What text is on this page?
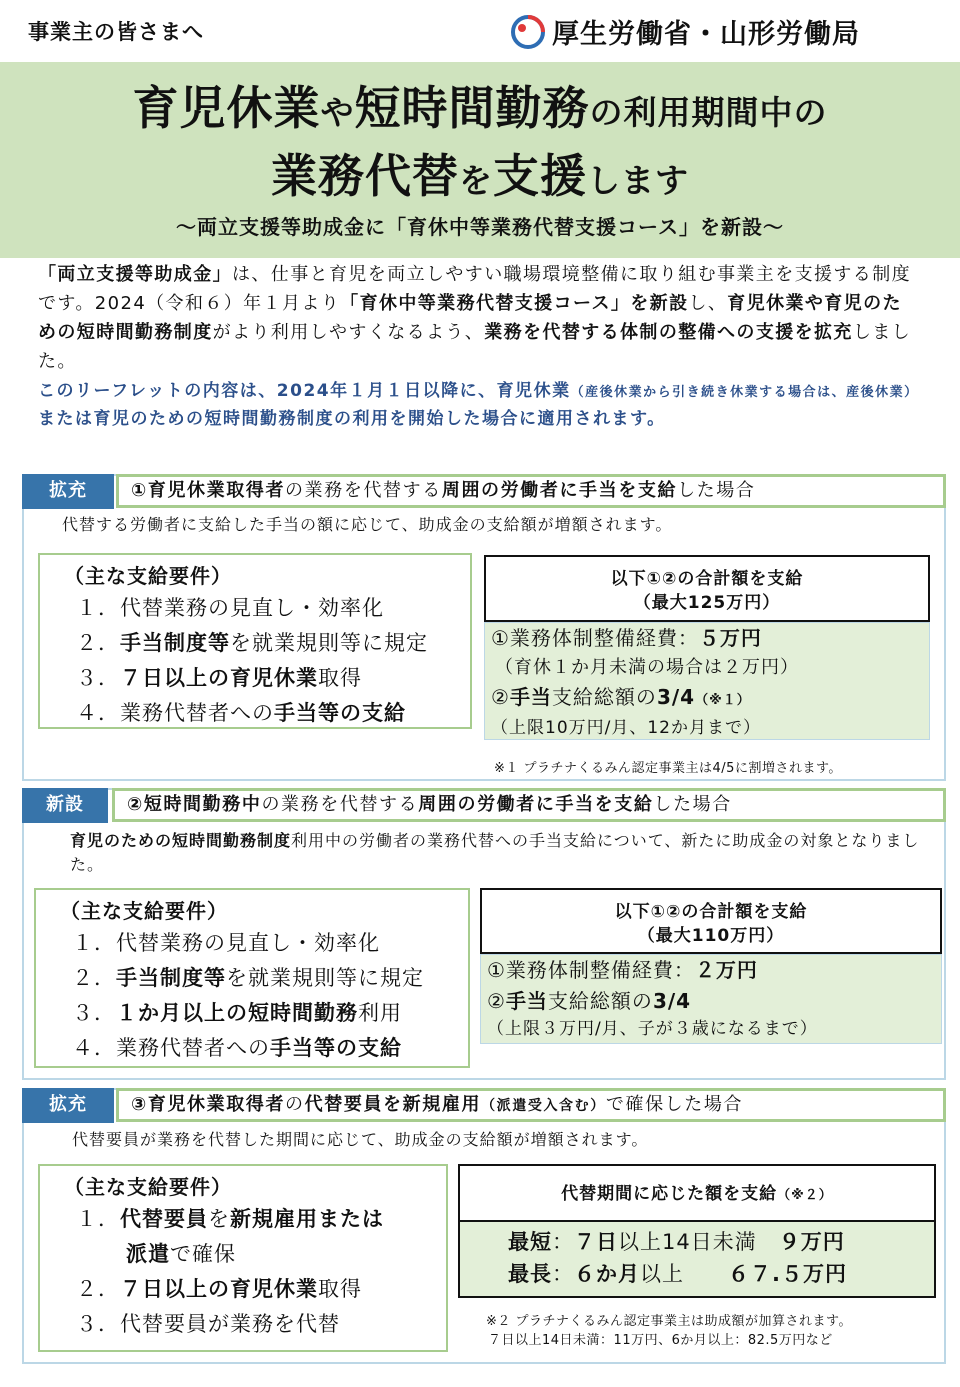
事業主の皆さまへ	厚生労働省・山形労働局
育児休業や短時間勤務の利用期間中の
業務代替を支援します
～両立支援等助成金に「育休中等業務代替支援コース」を新設～
「両立支援等助成金」は、仕事と育児を両立しやすい職場環境整備に取り組む事業主を支援する制度です。2024（令和６）年１月より「育休中等業務代替支援コース」を新設し、育児休業や育児のための短時間勤務制度がより利用しやすくなるよう、業務を代替する体制の整備への支援を拡充しました。
このリーフレットの内容は、2024年１月１日以降に、育児休業（産後休業から引き続き休業する場合は、産後休業）または育児のための短時間勤務制度の利用を開始した場合に適用されます。
拡充	①育児休業取得者の業務を代替する周囲の労働者に手当を支給した場合
代替する労働者に支給した手当の額に応じて、助成金の支給額が増額されます。
（主な支給要件）
１．代替業務の見直し・効率化
２．手当制度等を就業規則等に規定
３．７日以上の育児休業取得
４．業務代替者への手当等の支給
以下①②の合計額を支給
（最大125万円）
①業務体制整備経費：５万円
（育休１か月未満の場合は２万円）
②手当支給総額の3/4（※１）
（上限10万円/月、12か月まで）
※１ プラチナくるみん認定事業主は4/5に割増されます。
新設	②短時間勤務中の業務を代替する周囲の労働者に手当を支給した場合
育児のための短時間勤務制度利用中の労働者の業務代替への手当支給について、新たに助成金の対象となりました。
（主な支給要件）
１．代替業務の見直し・効率化
２．手当制度等を就業規則等に規定
３．１か月以上の短時間勤務利用
４．業務代替者への手当等の支給
以下①②の合計額を支給
（最大110万円）
①業務体制整備経費：２万円
②手当支給総額の3/4
（上限３万円/月、子が３歳になるまで）
拡充	③育児休業取得者の代替要員を新規雇用（派遣受入含む）で確保した場合
代替要員が業務を代替した期間に応じて、助成金の支給額が増額されます。
（主な支給要件）
１．代替要員を新規雇用または
派遣で確保
２．７日以上の育児休業取得
３．代替要員が業務を代替
代替期間に応じた額を支給（※２）
最短：７日以上14日未満　 ９万円
最長：６か月以上　　 ６７.５万円
※２ プラチナくるみん認定事業主は助成額が加算されます。
７日以上14日未満：11万円、6か月以上：82.5万円など
